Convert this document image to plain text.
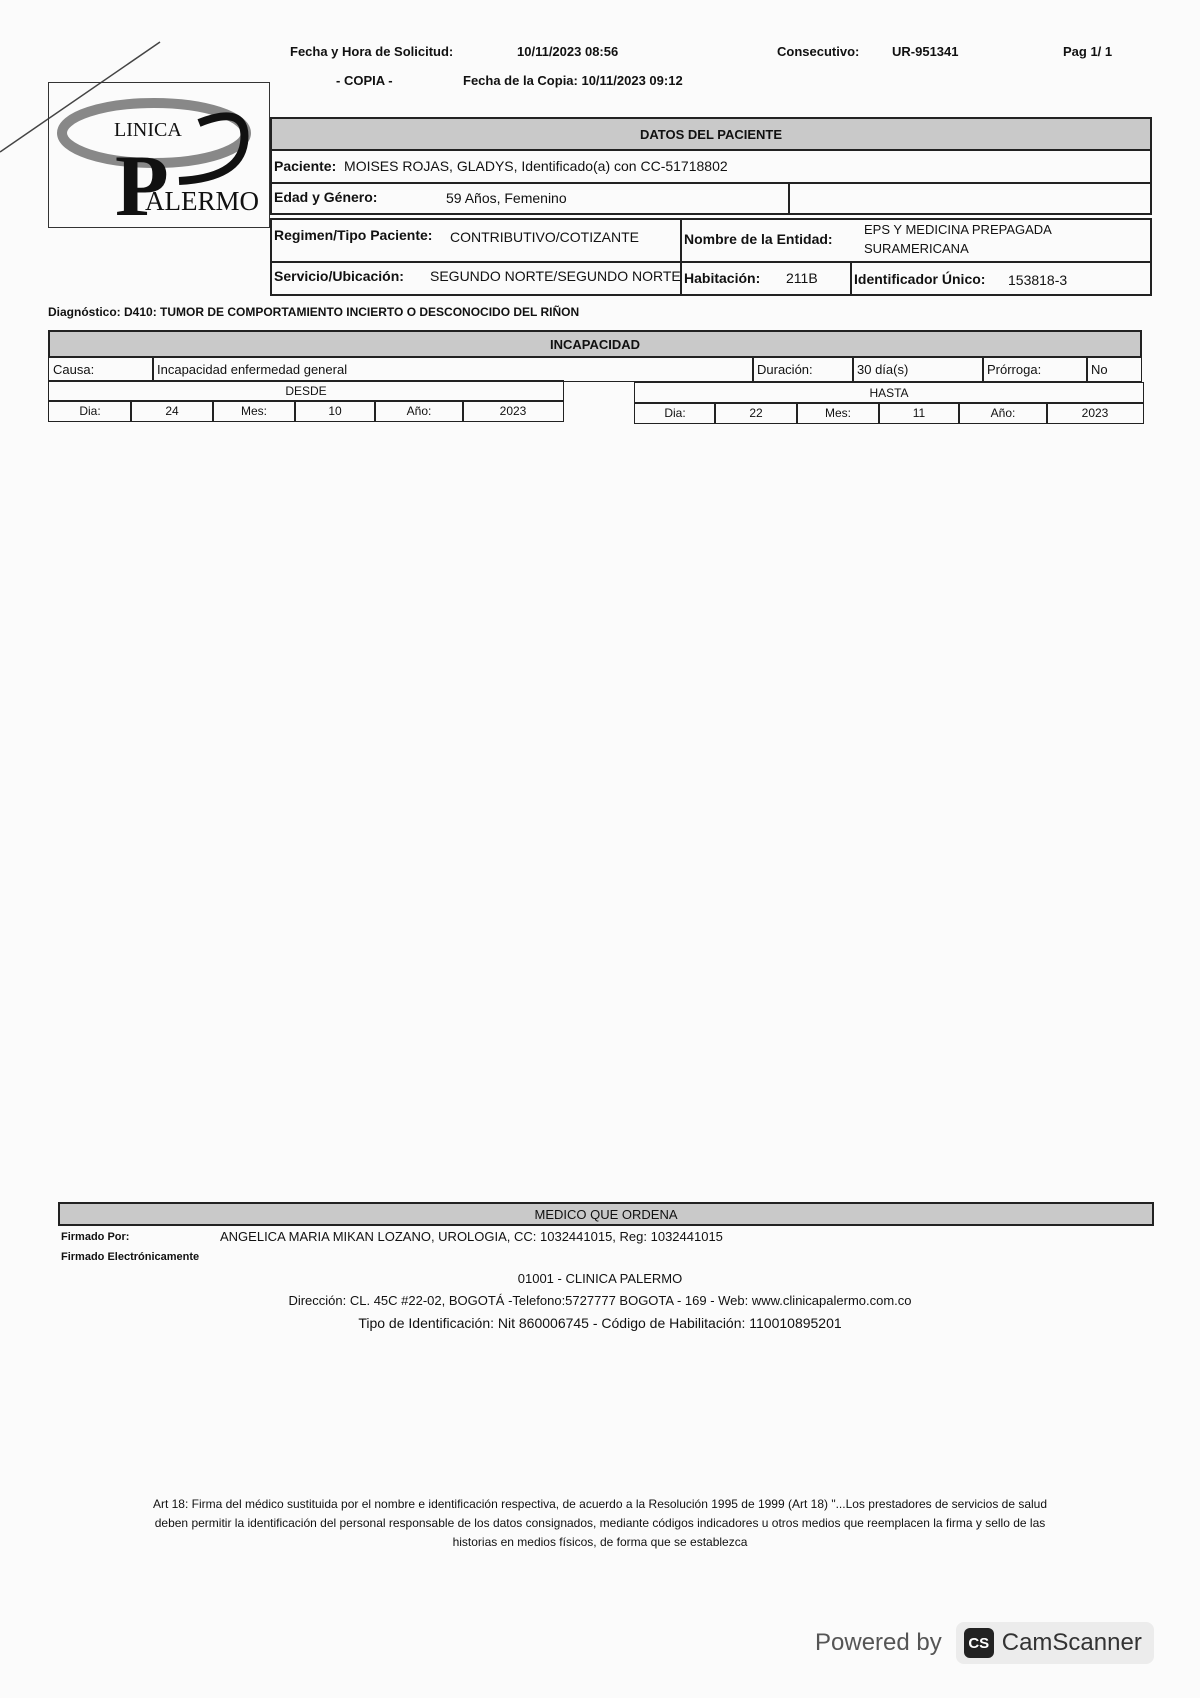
Fecha y Hora de Solicitud:	10/11/2023 08:56	Consecutivo:	UR-951341	Pag 1/ 1
- COPIA -	Fecha de la Copia: 10/11/2023 09:12
LINICA
P
ALERMO
DATOS DEL PACIENTE
Paciente: MOISES ROJAS, GLADYS, Identificado(a) con CC-51718802
Edad y Género:	59 Años, Femenino
Regimen/Tipo Paciente: CONTRIBUTIVO/COTIZANTE	Nombre de la Entidad:
EPS Y MEDICINA PREPAGADA
SURAMERICANA
Servicio/Ubicación: SEGUNDO NORTE/SEGUNDO NORTE Habitación: 211B	Identificador Único: 153818-3
Diagnóstico: D410: TUMOR DE COMPORTAMIENTO INCIERTO O DESCONOCIDO DEL RIÑON
INCAPACIDAD
Causa:	Incapacidad enfermedad general	Duración:	30 día(s)	Prórroga:	No
DESDE
Dia:	24	Mes:	10	Año:	2023
HASTA
Dia:	22	Mes:	11	Año:	2023
MEDICO QUE ORDENA
Firmado Por:	ANGELICA MARIA MIKAN LOZANO, UROLOGIA, CC: 1032441015, Reg: 1032441015
Firmado Electrónicamente
01001 - CLINICA PALERMO
Dirección: CL. 45C #22-02, BOGOTÁ -Telefono:5727777 BOGOTA - 169 - Web: www.clinicapalermo.com.co
Tipo de Identificación: Nit 860006745 - Código de Habilitación: 110010895201
Art 18: Firma del médico sustituida por el nombre e identificación respectiva, de acuerdo a la Resolución 1995 de 1999 (Art 18) "...Los prestadores de servicios de salud
deben permitir la identificación del personal responsable de los datos consignados, mediante códigos indicadores u otros medios que reemplacen la firma y sello de las
historias en medios físicos, de forma que se establezca
Powered by	CS CamScanner
